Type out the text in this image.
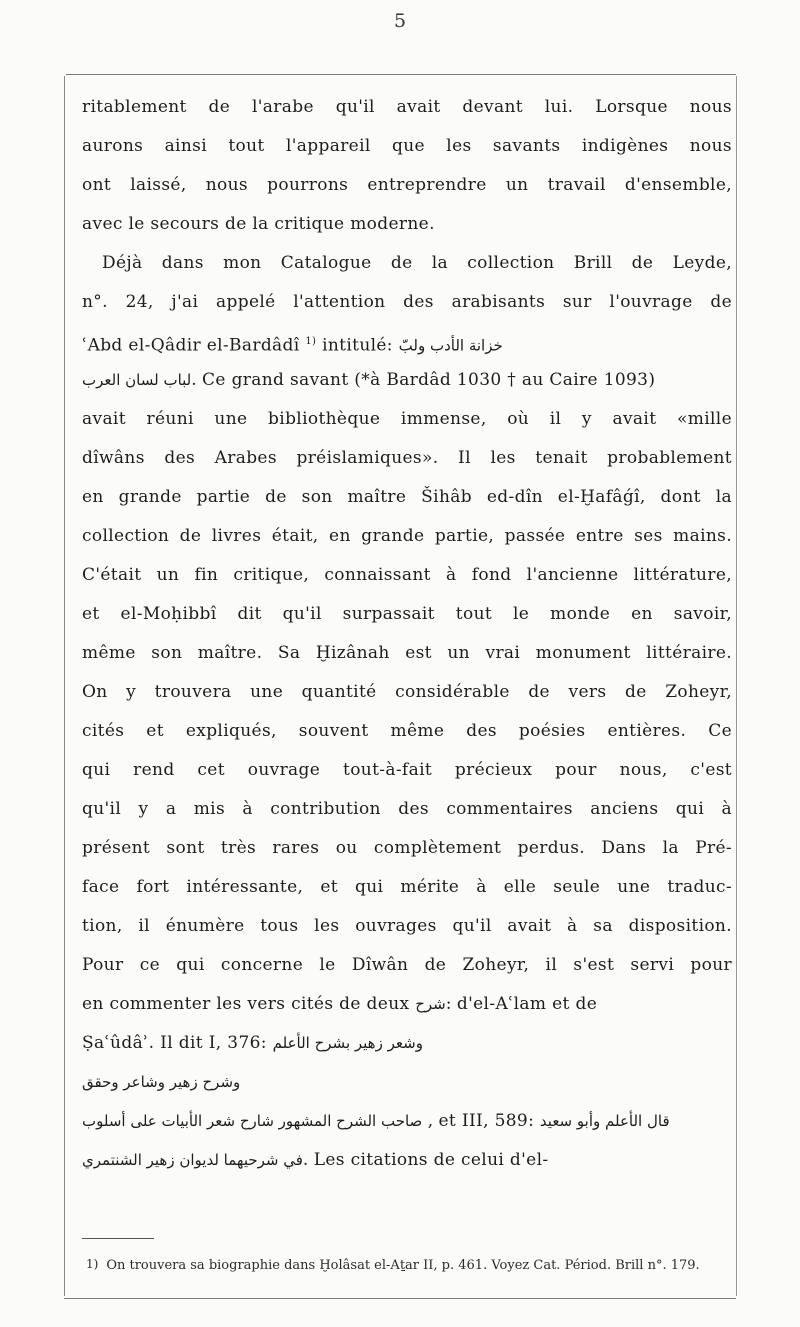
5
ritablement de l'arabe qu'il avait devant lui. Lorsque nous
aurons ainsi tout l'appareil que les savants indigènes nous
ont laissé, nous pourrons entreprendre un travail d'ensemble,
avec le secours de la critique moderne.
Déjà dans mon Catalogue de la collection Brill de Leyde,
n°. 24, j'ai appelé l'attention des arabisants sur l'ouvrage de
ʿAbd el-Qâdir el-Bardâdî $^{1)}$ intitulé: خزانة الأدب ولبّ
لباب لسان العرب. Ce grand savant (*à Bardâd 1030 † au Caire 1093)
avait réuni une bibliothèque immense, où il y avait «mille
dîwâns des Arabes préislamiques». Il les tenait probablement
en grande partie de son maître Šihâb ed-dîn el-Ḫafâǵî, dont la
collection de livres était, en grande partie, passée entre ses mains.
C'était un fin critique, connaissant à fond l'ancienne littérature,
et el-Moḥibbî dit qu'il surpassait tout le monde en savoir,
même son maître. Sa Ḫizânah est un vrai monument littéraire.
On y trouvera une quantité considérable de vers de Zoheyr,
cités et expliqués, souvent même des poésies entières. Ce
qui rend cet ouvrage tout-à-fait précieux pour nous, c'est
qu'il y a mis à contribution des commentaires anciens qui à
présent sont très rares ou complètement perdus. Dans la Pré-
face fort intéressante, et qui mérite à elle seule une traduc-
tion, il énumère tous les ouvrages qu'il avait à sa disposition.
Pour ce qui concerne le Dîwân de Zoheyr, il s'est servi pour
en commenter les vers cités de deux شرح: d'el-Aʿlam et de
Ṣaʿûdâʾ. Il dit I, 376: وشعر زهير بشرح الأعلم
وشرح زهير وشاعر وحقق
صاحب الشرح المشهور شارح شعر الأبيات على أسلوب , et III, 589: قال الأعلم وأبو سعيد
في شرحيهما لديوان زهير الشنتمري. Les citations de celui d'el-
1) On trouvera sa biographie dans Ḫolâsat el-Aṯar II, p. 461. Voyez Cat. Périod. Brill n°. 179.
